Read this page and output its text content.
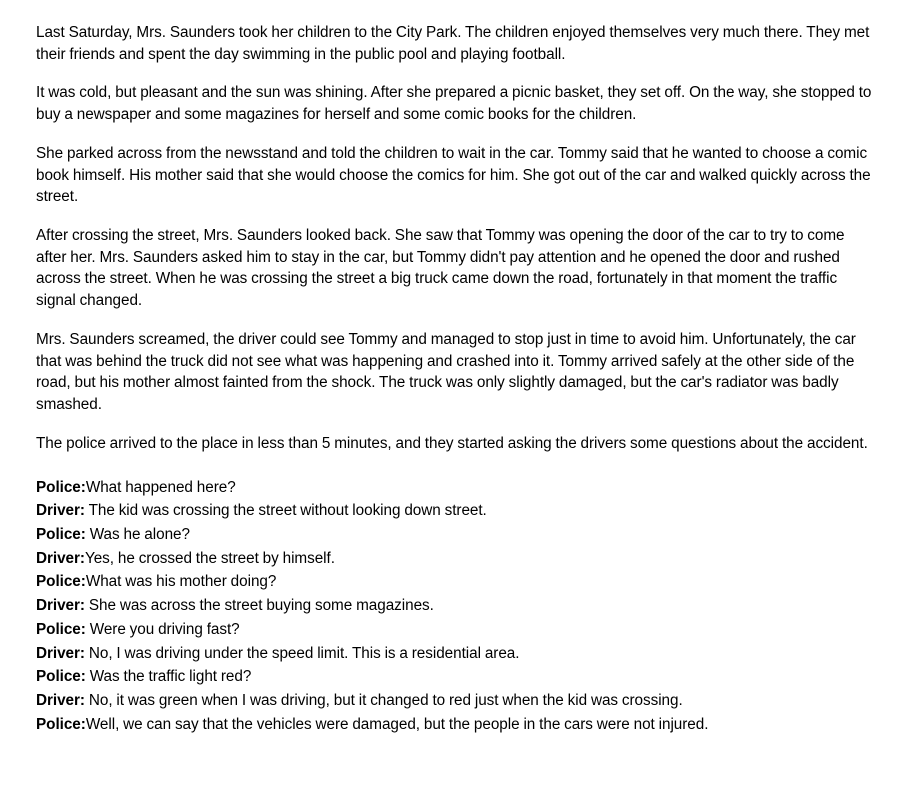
Last Saturday, Mrs. Saunders took her children to the City Park. The children enjoyed themselves very much there. They met their friends and spent the day swimming in the public pool and playing football.

It was cold, but pleasant and the sun was shining. After she prepared a picnic basket, they set off. On the way, she stopped to buy a newspaper and some magazines for herself and some comic books for the children.

She parked across from the newsstand and told the children to wait in the car. Tommy said that he wanted to choose a comic book himself. His mother said that she would choose the comics for him. She got out of the car and walked quickly across the street.

After crossing the street, Mrs. Saunders looked back. She saw that Tommy was opening the door of the car to try to come after her. Mrs. Saunders asked him to stay in the car, but Tommy didn't pay attention and he opened the door and rushed across the street. When he was crossing the street a big truck came down the road, fortunately in that moment the traffic signal changed.

Mrs. Saunders screamed, the driver could see Tommy and managed to stop just in time to avoid him. Unfortunately, the car that was behind the truck did not see what was happening and crashed into it. Tommy arrived safely at the other side of the road, but his mother almost fainted from the shock. The truck was only slightly damaged, but the car's radiator was badly smashed.

The police arrived to the place in less than 5 minutes, and they started asking the drivers some questions about the accident.

Police:What happened here?

Driver: The kid was crossing the street without looking down street.

Police: Was he alone?

Driver:Yes, he crossed the street by himself.

Police:What was his mother doing?

Driver: She was across the street buying some magazines.

Police: Were you driving fast?

Driver: No, I was driving under the speed limit. This is a residential area.

Police: Was the traffic light red?

Driver: No, it was green when I was driving, but it changed to red just when the kid was crossing.

Police:Well, we can say that the vehicles were damaged, but the people in the cars were not injured.
